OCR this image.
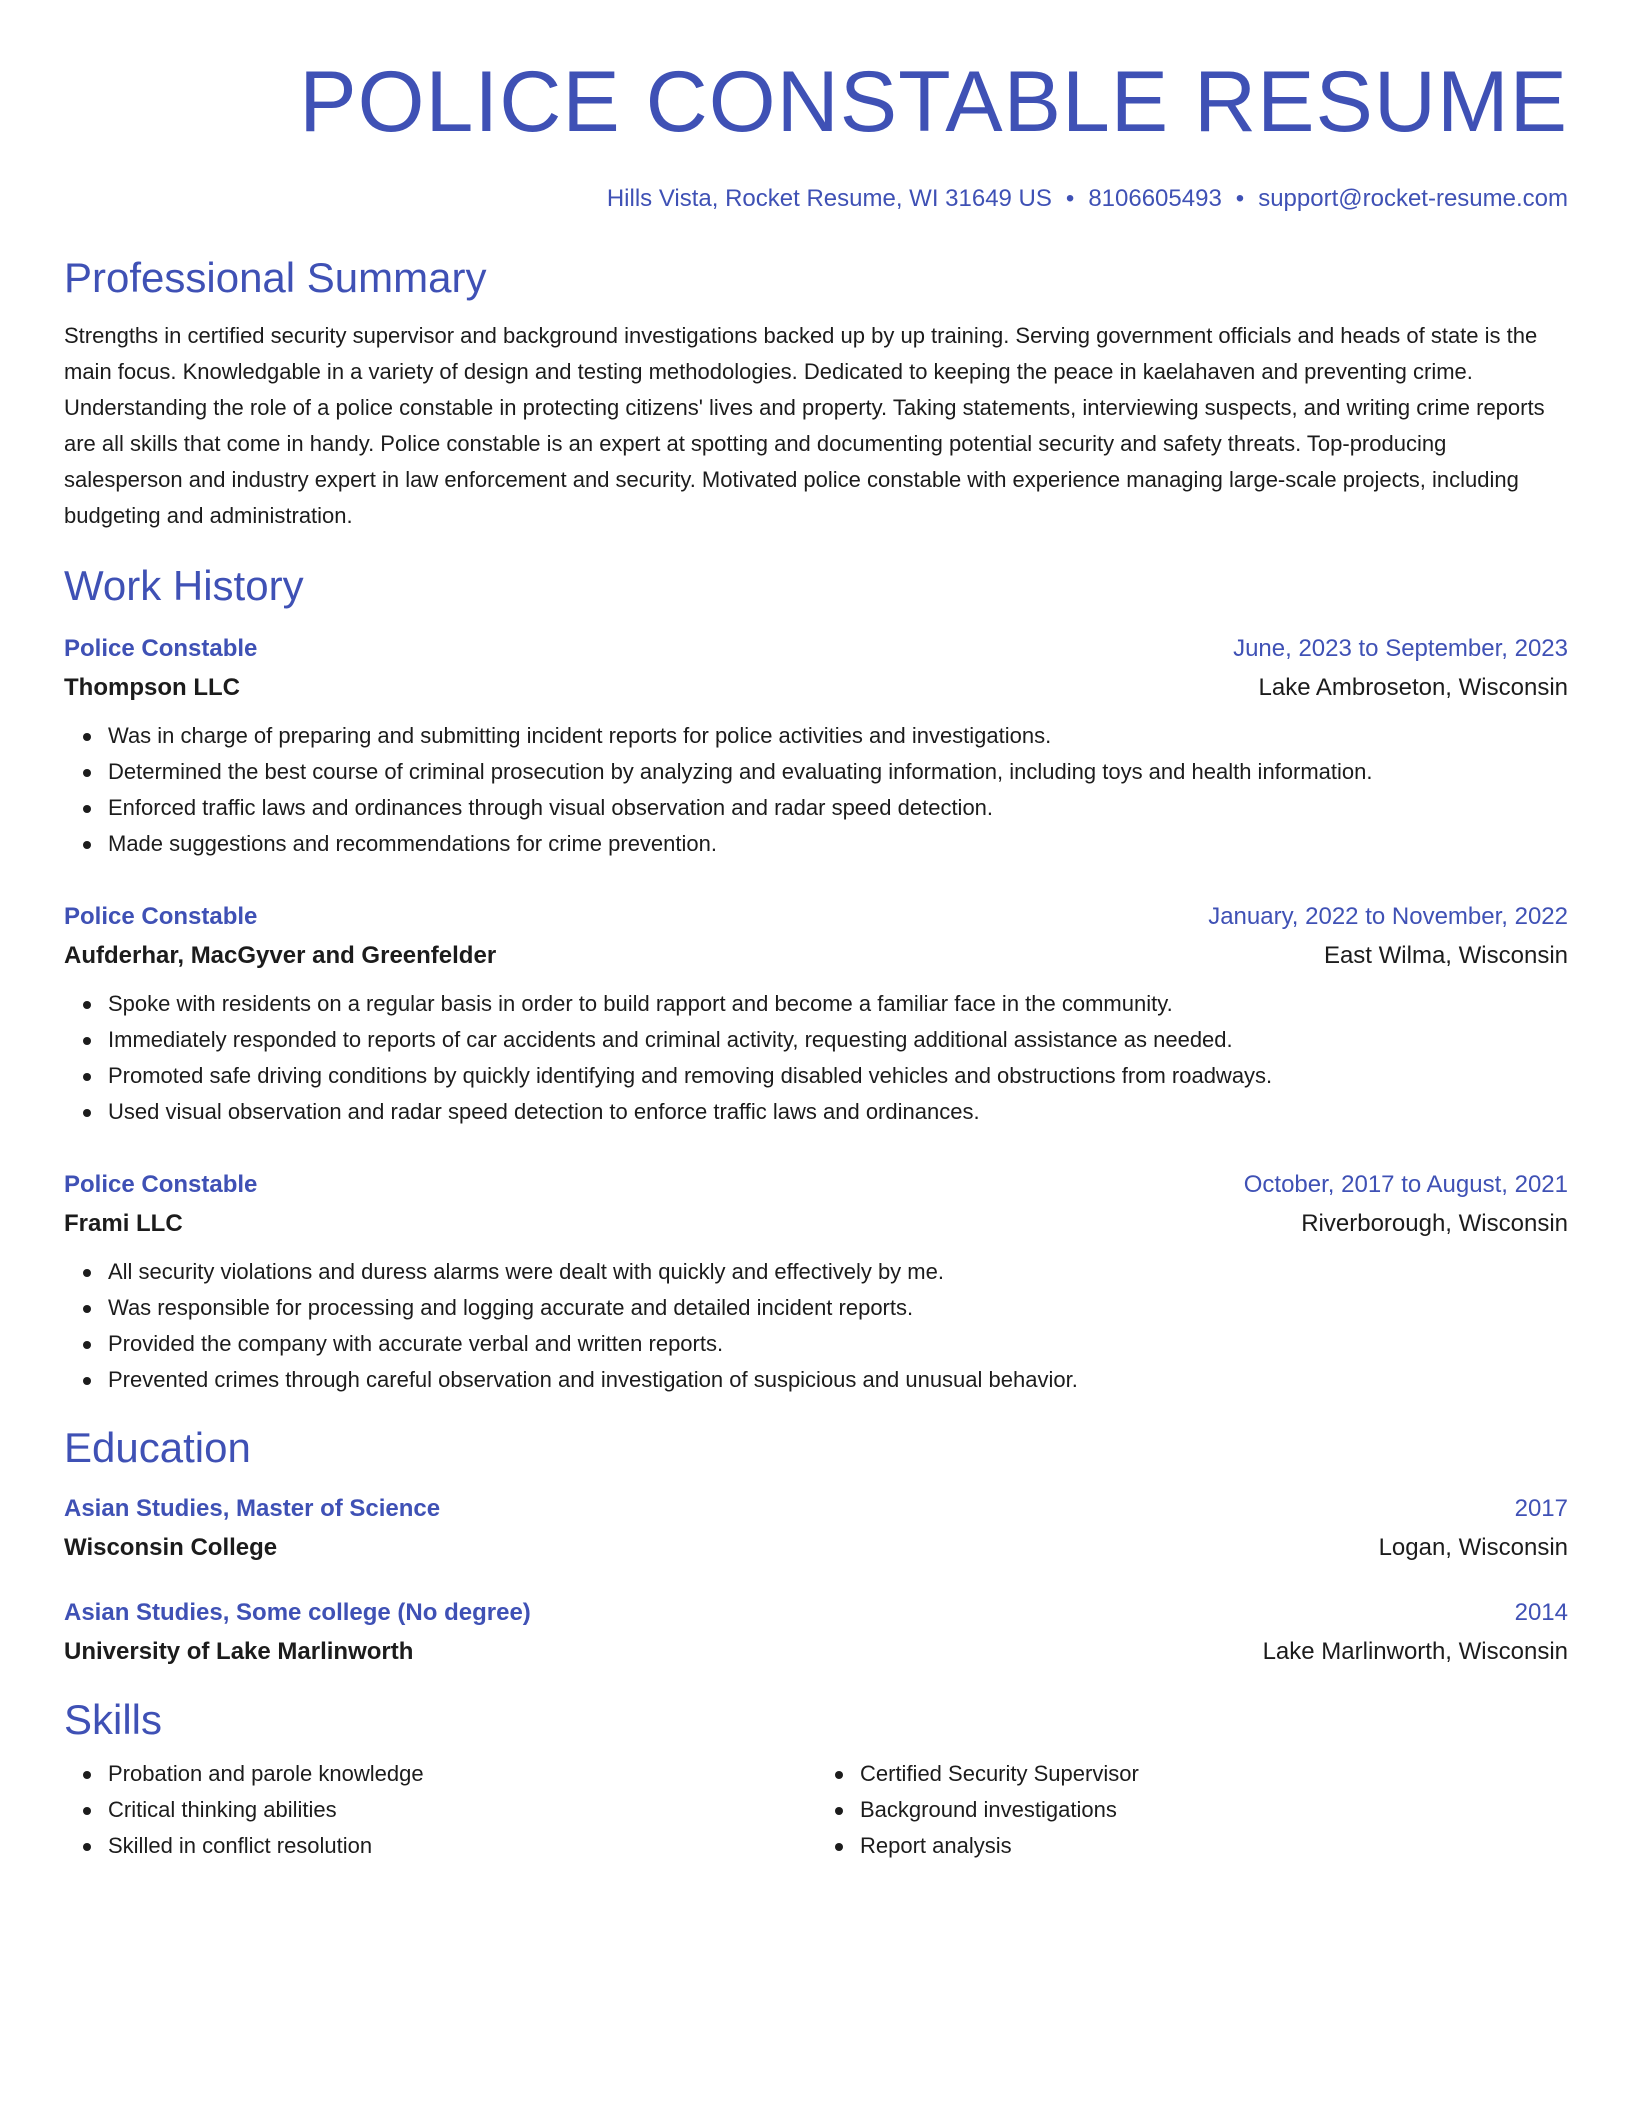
POLICE CONSTABLE RESUME
Hills Vista, Rocket Resume, WI 31649 US • 8106605493 • support@rocket-resume.com
Professional Summary
Strengths in certified security supervisor and background investigations backed up by up training. Serving government officials and heads of state is the main focus. Knowledgable in a variety of design and testing methodologies. Dedicated to keeping the peace in kaelahaven and preventing crime. Understanding the role of a police constable in protecting citizens' lives and property. Taking statements, interviewing suspects, and writing crime reports are all skills that come in handy. Police constable is an expert at spotting and documenting potential security and safety threats. Top-producing salesperson and industry expert in law enforcement and security. Motivated police constable with experience managing large-scale projects, including budgeting and administration.
Work History
Police Constable	June, 2023 to September, 2023
Thompson LLC	Lake Ambroseton, Wisconsin
Was in charge of preparing and submitting incident reports for police activities and investigations.
Determined the best course of criminal prosecution by analyzing and evaluating information, including toys and health information.
Enforced traffic laws and ordinances through visual observation and radar speed detection.
Made suggestions and recommendations for crime prevention.
Police Constable	January, 2022 to November, 2022
Aufderhar, MacGyver and Greenfelder	East Wilma, Wisconsin
Spoke with residents on a regular basis in order to build rapport and become a familiar face in the community.
Immediately responded to reports of car accidents and criminal activity, requesting additional assistance as needed.
Promoted safe driving conditions by quickly identifying and removing disabled vehicles and obstructions from roadways.
Used visual observation and radar speed detection to enforce traffic laws and ordinances.
Police Constable	October, 2017 to August, 2021
Frami LLC	Riverborough, Wisconsin
All security violations and duress alarms were dealt with quickly and effectively by me.
Was responsible for processing and logging accurate and detailed incident reports.
Provided the company with accurate verbal and written reports.
Prevented crimes through careful observation and investigation of suspicious and unusual behavior.
Education
Asian Studies, Master of Science	2017
Wisconsin College	Logan, Wisconsin
Asian Studies, Some college (No degree)	2014
University of Lake Marlinworth	Lake Marlinworth, Wisconsin
Skills
Probation and parole knowledge
Critical thinking abilities
Skilled in conflict resolution
Certified Security Supervisor
Background investigations
Report analysis
